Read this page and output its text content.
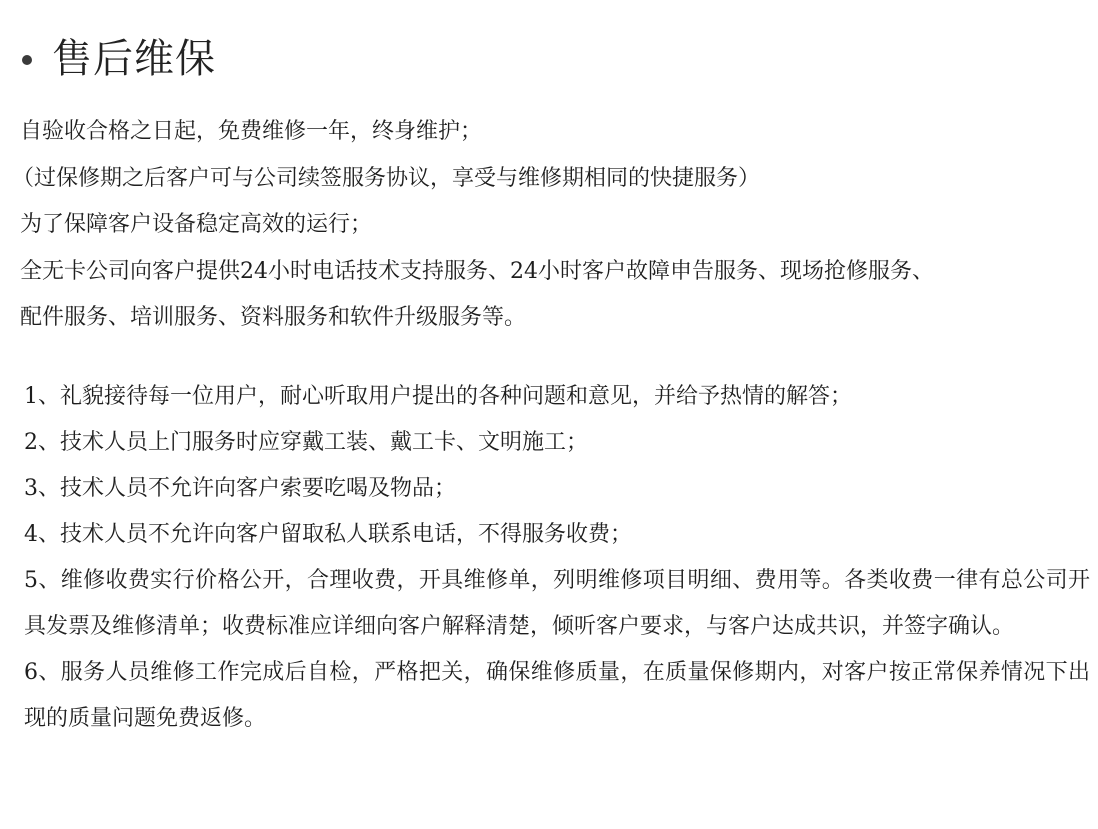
售后维保
自验收合格之日起，免费维修一年，终身维护；
（过保修期之后客户可与公司续签服务协议，享受与维修期相同的快捷服务）
为了保障客户设备稳定高效的运行；
全无卡公司向客户提供24小时电话技术支持服务、24小时客户故障申告服务、现场抢修服务、
配件服务、培训服务、资料服务和软件升级服务等。

1、礼貌接待每一位用户，耐心听取用户提出的各种问题和意见，并给予热情的解答；

2、技术人员上门服务时应穿戴工装、戴工卡、文明施工；

3、技术人员不允许向客户索要吃喝及物品；

4、技术人员不允许向客户留取私人联系电话，不得服务收费；

5、维修收费实行价格公开，合理收费，开具维修单，列明维修项目明细、费用等。各类收费一律有总公司开具发票及维修清单；收费标准应详细向客户解释清楚，倾听客户要求，与客户达成共识，并签字确认。

6、服务人员维修工作完成后自检，严格把关，确保维修质量，在质量保修期内，对客户按正常保养情况下出现的质量问题免费返修。
